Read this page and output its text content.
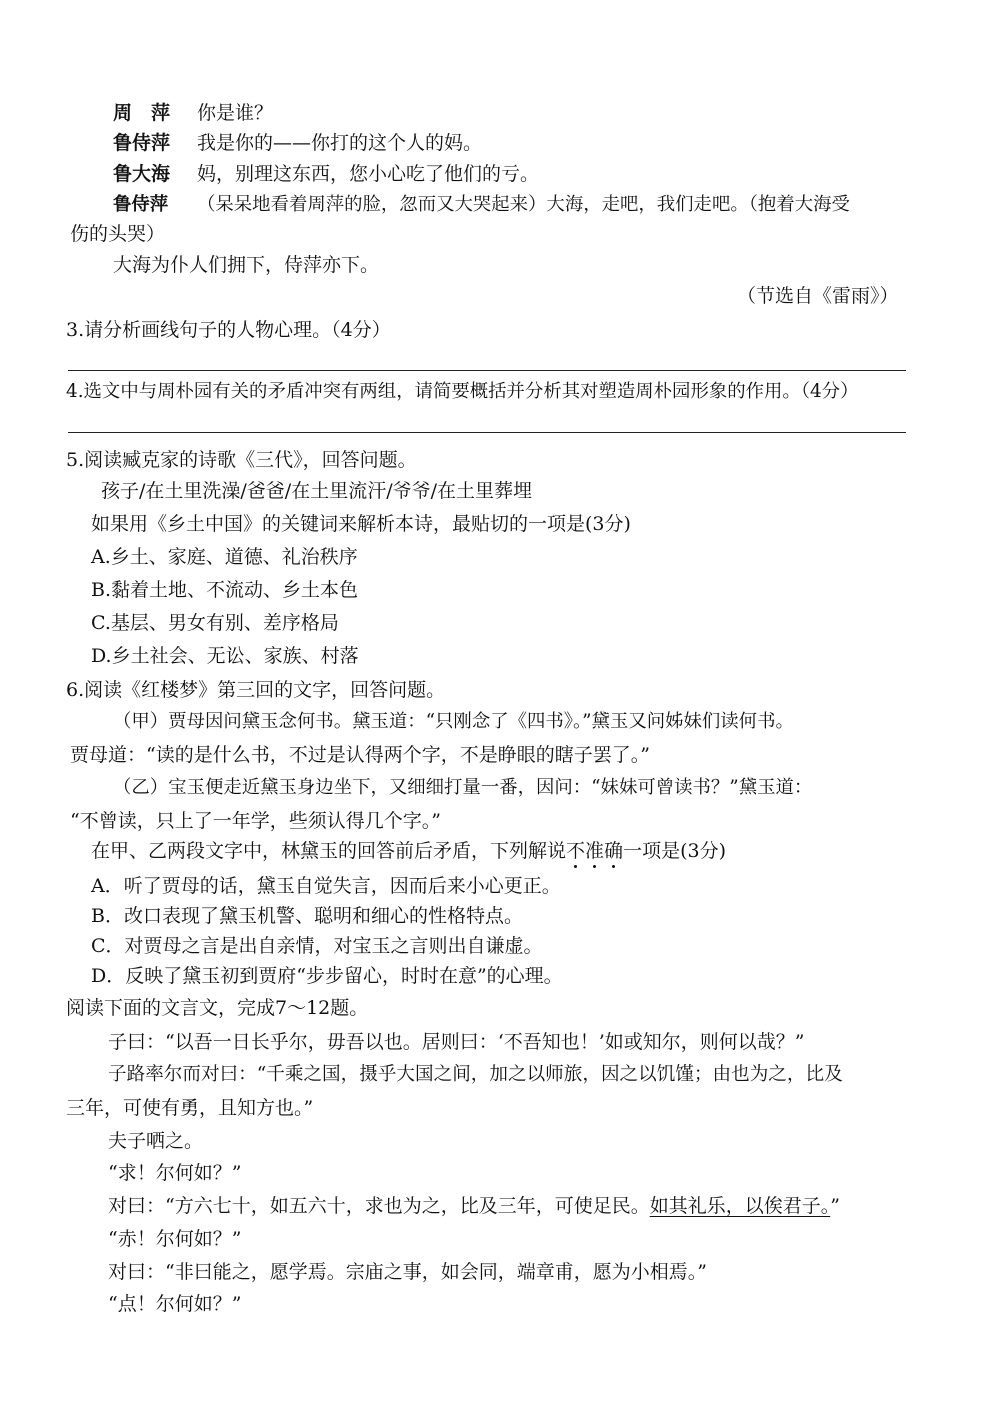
周　萍 你是谁？
鲁侍萍 我是你的——你打的这个人的妈。
鲁大海 妈，别理这东西，您小心吃了他们的亏。
鲁侍萍 （呆呆地看着周萍的脸，忽而又大哭起来）大海，走吧，我们走吧。（抱着大海受
伤的头哭）
大海为仆人们拥下，侍萍亦下。
（节选自《雷雨》）
3.请分析画线句子的人物心理。（4分）
4.选文中与周朴园有关的矛盾冲突有两组，请简要概括并分析其对塑造周朴园形象的作用。（4分）
5.阅读臧克家的诗歌《三代》，回答问题。
孩子/在土里洗澡/爸爸/在土里流汗/爷爷/在土里葬埋
如果用《乡土中国》的关键词来解析本诗，最贴切的一项是(3分)
A.乡土、家庭、道德、礼治秩序
B.黏着土地、不流动、乡土本色
C.基层、男女有别、差序格局
D.乡土社会、无讼、家族、村落
6.阅读《红楼梦》第三回的文字，回答问题。
（甲）贾母因问黛玉念何书。黛玉道：“只刚念了《四书》。”黛玉又问姊妹们读何书。
贾母道：“读的是什么书，不过是认得两个字，不是睁眼的瞎子罢了。”
（乙）宝玉便走近黛玉身边坐下，又细细打量一番，因问：“妹妹可曾读书？”黛玉道：
“不曾读，只上了一年学，些须认得几个字。”
在甲、乙两段文字中，林黛玉的回答前后矛盾，下列解说不准确一项是(3分)
A．听了贾母的话，黛玉自觉失言，因而后来小心更正。
B．改口表现了黛玉机警、聪明和细心的性格特点。
C．对贾母之言是出自亲情，对宝玉之言则出自谦虚。
D．反映了黛玉初到贾府“步步留心，时时在意”的心理。
阅读下面的文言文，完成7～12题。
子曰：“以吾一日长乎尔，毋吾以也。居则曰：‘不吾知也！’如或知尔，则何以哉？”
子路率尔而对曰：“千乘之国，摄乎大国之间，加之以师旅，因之以饥馑；由也为之，比及
三年，可使有勇，且知方也。”
夫子哂之。
“求！尔何如？”
对曰：“方六七十，如五六十，求也为之，比及三年，可使足民。如其礼乐，以俟君子。”
“赤！尔何如？”
对曰：“非曰能之，愿学焉。宗庙之事，如会同，端章甫，愿为小相焉。”
“点！尔何如？”
